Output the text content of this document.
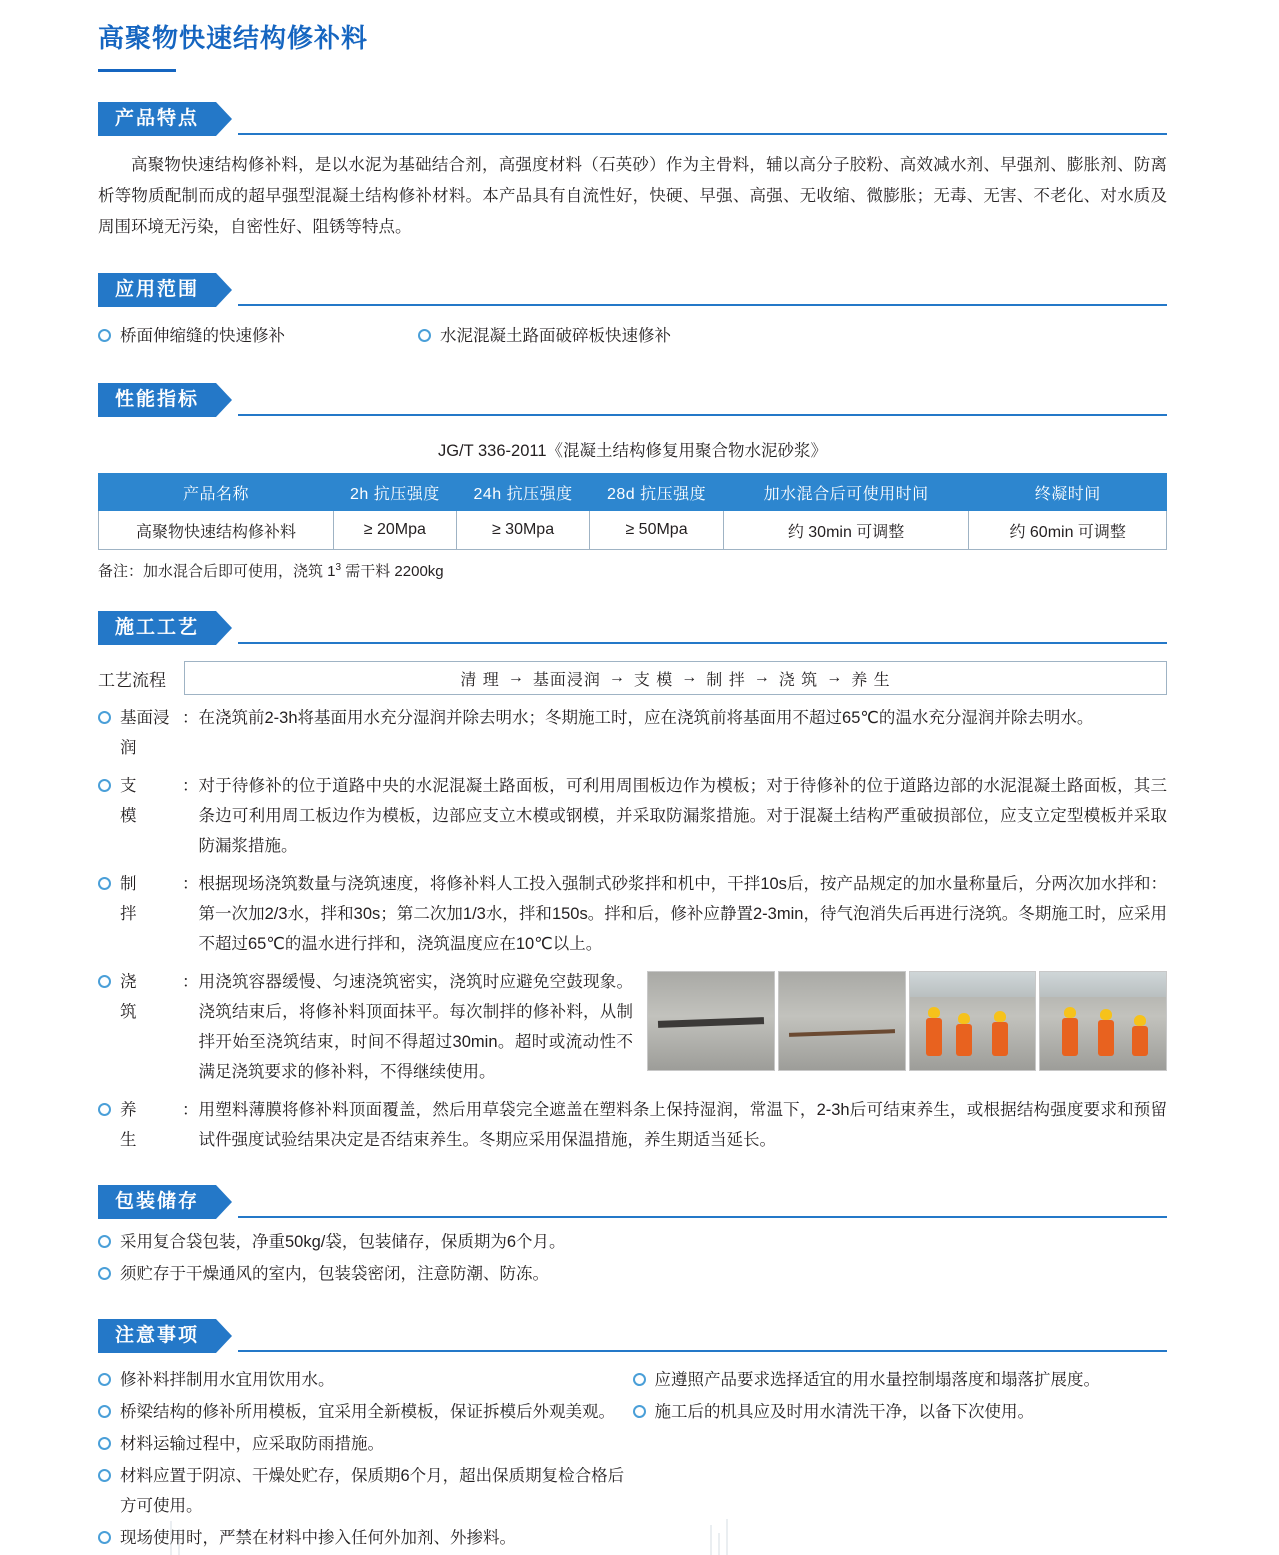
高聚物快速结构修补料
产品特点

高聚物快速结构修补料，是以水泥为基础结合剂，高强度材料（石英砂）作为主骨料，辅以高分子胶粉、高效减水剂、早强剂、膨胀剂、防离析等物质配制而成的超早强型混凝土结构修补材料。本产品具有自流性好，快硬、早强、高强、无收缩、微膨胀；无毒、无害、不老化、对水质及周围环境无污染，自密性好、阻锈等特点。

应用范围
桥面伸缩缝的快速修补	水泥混凝土路面破碎板快速修补
性能指标
JG/T 336-2011《混凝土结构修复用聚合物水泥砂浆》
产品名称	2h 抗压强度	24h 抗压强度	28d 抗压强度	加水混合后可使用时间	终凝时间
高聚物快速结构修补料	≥ 20Mpa	≥ 30Mpa	≥ 50Mpa	约 30min 可调整	约 60min 可调整
备注：加水混合后即可使用，浇筑 $1^3$ 需干料 2200kg
施工工艺
工艺流程	清 理 → 基面浸润 → 支 模 → 制 拌 → 浇 筑 → 养 生
基面浸润
： 在浇筑前2-3h将基面用水充分湿润并除去明水；冬期施工时，应在浇筑前将基面用不超过65℃的温水充分湿润并除去明水。
支　　模
： 对于待修补的位于道路中央的水泥混凝土路面板，可利用周围板边作为模板；对于待修补的位于道路边部的水泥混凝土路面板，其三条边可利用周工板边作为模板，边部应支立木模或钢模，并采取防漏浆措施。对于混凝土结构严重破损部位，应支立定型模板并采取防漏浆措施。
制　　拌
： 根据现场浇筑数量与浇筑速度，将修补料人工投入强制式砂浆拌和机中，干拌10s后，按产品规定的加水量称量后，分两次加水拌和：第一次加2/3水，拌和30s；第二次加1/3水，拌和150s。拌和后，修补应静置2-3min，待气泡消失后再进行浇筑。冬期施工时，应采用不超过65℃的温水进行拌和，浇筑温度应在10℃以上。
浇　　筑
： 用浇筑容器缓慢、匀速浇筑密实，浇筑时应避免空鼓现象。浇筑结束后，将修补料顶面抹平。每次制拌的修补料，从制拌开始至浇筑结束，时间不得超过30min。超时或流动性不满足浇筑要求的修补料，不得继续使用。
养　　生
： 用塑料薄膜将修补料顶面覆盖，然后用草袋完全遮盖在塑料条上保持湿润，常温下，2-3h后可结束养生，或根据结构强度要求和预留试件强度试验结果决定是否结束养生。冬期应采用保温措施，养生期适当延长。
包装储存
采用复合袋包装，净重50kg/袋，包装储存，保质期为6个月。
须贮存于干燥通风的室内，包装袋密闭，注意防潮、防冻。
注意事项
修补料拌制用水宜用饮用水。
桥梁结构的修补所用模板，宜采用全新模板，保证拆模后外观美观。
材料运输过程中，应采取防雨措施。
材料应置于阴凉、干燥处贮存，保质期6个月，超出保质期复检合格后方可使用。
现场使用时，严禁在材料中掺入任何外加剂、外掺料。
应遵照产品要求选择适宜的用水量控制塌落度和塌落扩展度。
施工后的机具应及时用水清洗干净，以备下次使用。
